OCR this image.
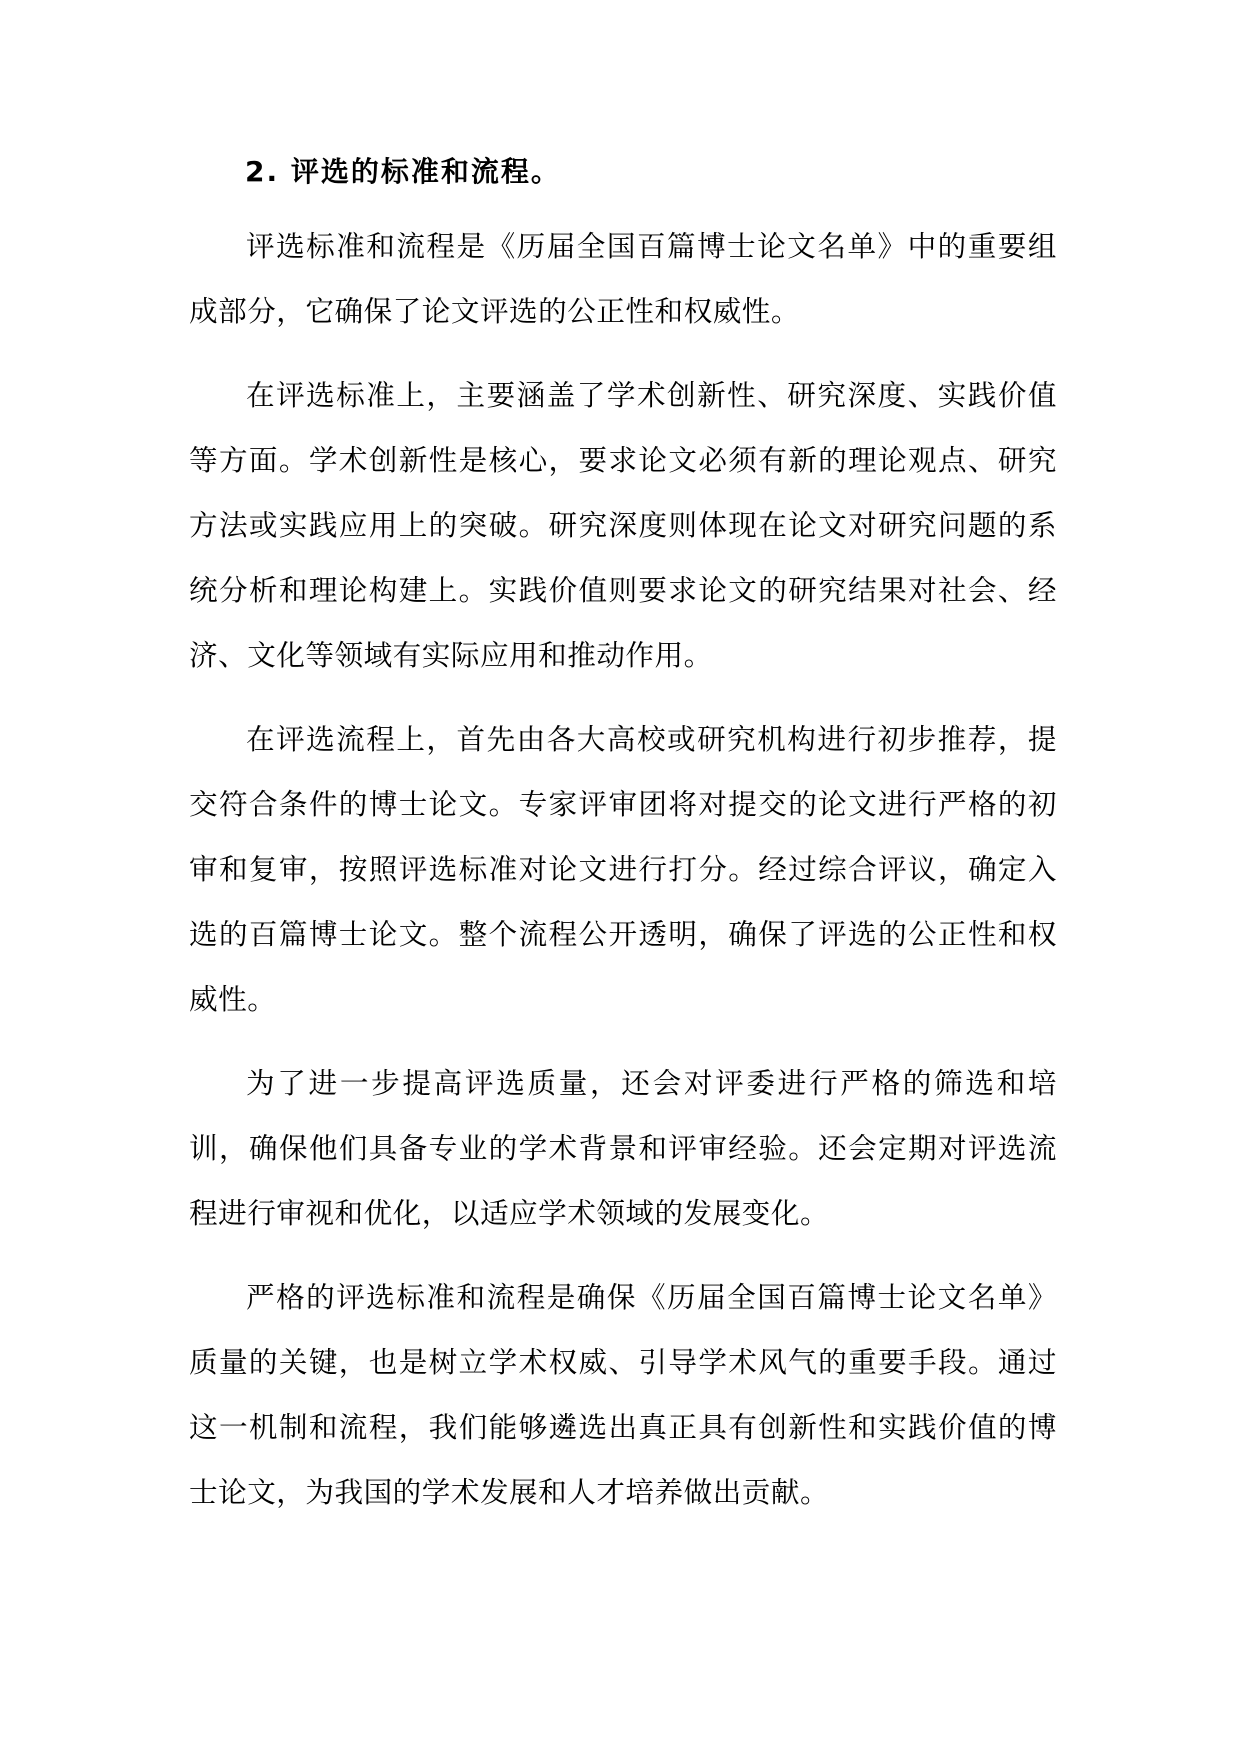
2. 评选的标准和流程。

评选标准和流程是《历届全国百篇博士论文名单》中的重要组成部分，它确保了论文评选的公正性和权威性。

在评选标准上，主要涵盖了学术创新性、研究深度、实践价值等方面。学术创新性是核心，要求论文必须有新的理论观点、研究方法或实践应用上的突破。研究深度则体现在论文对研究问题的系统分析和理论构建上。实践价值则要求论文的研究结果对社会、经济、文化等领域有实际应用和推动作用。

在评选流程上，首先由各大高校或研究机构进行初步推荐，提交符合条件的博士论文。专家评审团将对提交的论文进行严格的初审和复审，按照评选标准对论文进行打分。经过综合评议，确定入选的百篇博士论文。整个流程公开透明，确保了评选的公正性和权威性。

为了进一步提高评选质量，还会对评委进行严格的筛选和培训，确保他们具备专业的学术背景和评审经验。还会定期对评选流程进行审视和优化，以适应学术领域的发展变化。

严格的评选标准和流程是确保《历届全国百篇博士论文名单》质量的关键，也是树立学术权威、引导学术风气的重要手段。通过这一机制和流程，我们能够遴选出真正具有创新性和实践价值的博士论文，为我国的学术发展和人才培养做出贡献。
